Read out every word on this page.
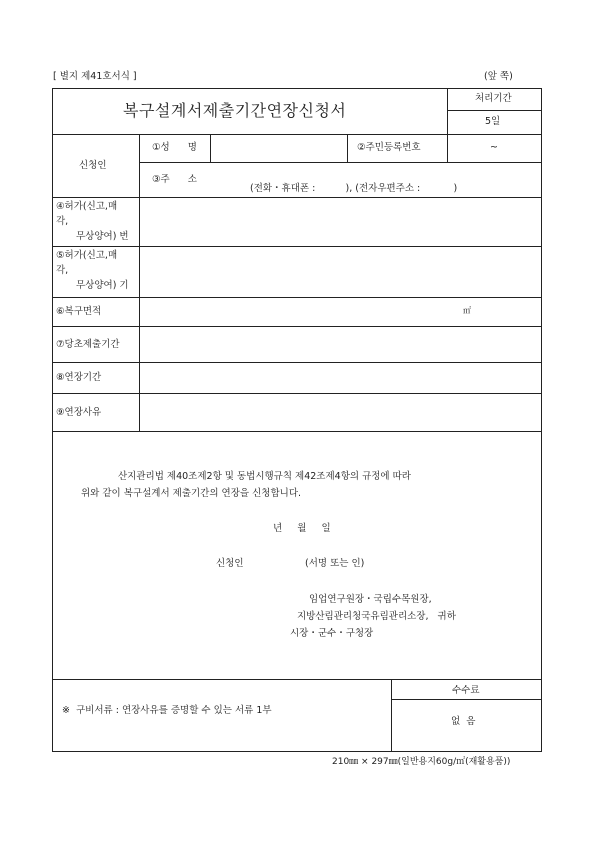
[ 별지 제41호서식 ]	(앞 쪽)
복구설계서제출기간연장신청서
처리기간
5일
신청인
①성      명	②주민등록번호	~
③주      소
(전화・휴대폰 :          ), (전자우편주소 :           )
④허가(신고,매
각,
무상양여) 번
⑤허가(신고,매
각,
무상양여) 기
⑥복구면적	㎡
⑦당초제출기간
⑧연장기간
⑨연장사유
산지관리법 제40조제2항 및 동법시행규칙 제42조제4항의 규정에 따라
위와 같이 복구설계서 제출기간의 연장을 신청합니다.
년     월     일
신청인	(서명 또는 인)
임업연구원장・국립수목원장,
지방산림관리청국유림관리소장,   귀하
시장・군수・구청장
※  구비서류 : 연장사유를 증명할 수 있는 서류 1부
수수료
없  음
210㎜ × 297㎜(일반용지60g/㎡(재활용품))
